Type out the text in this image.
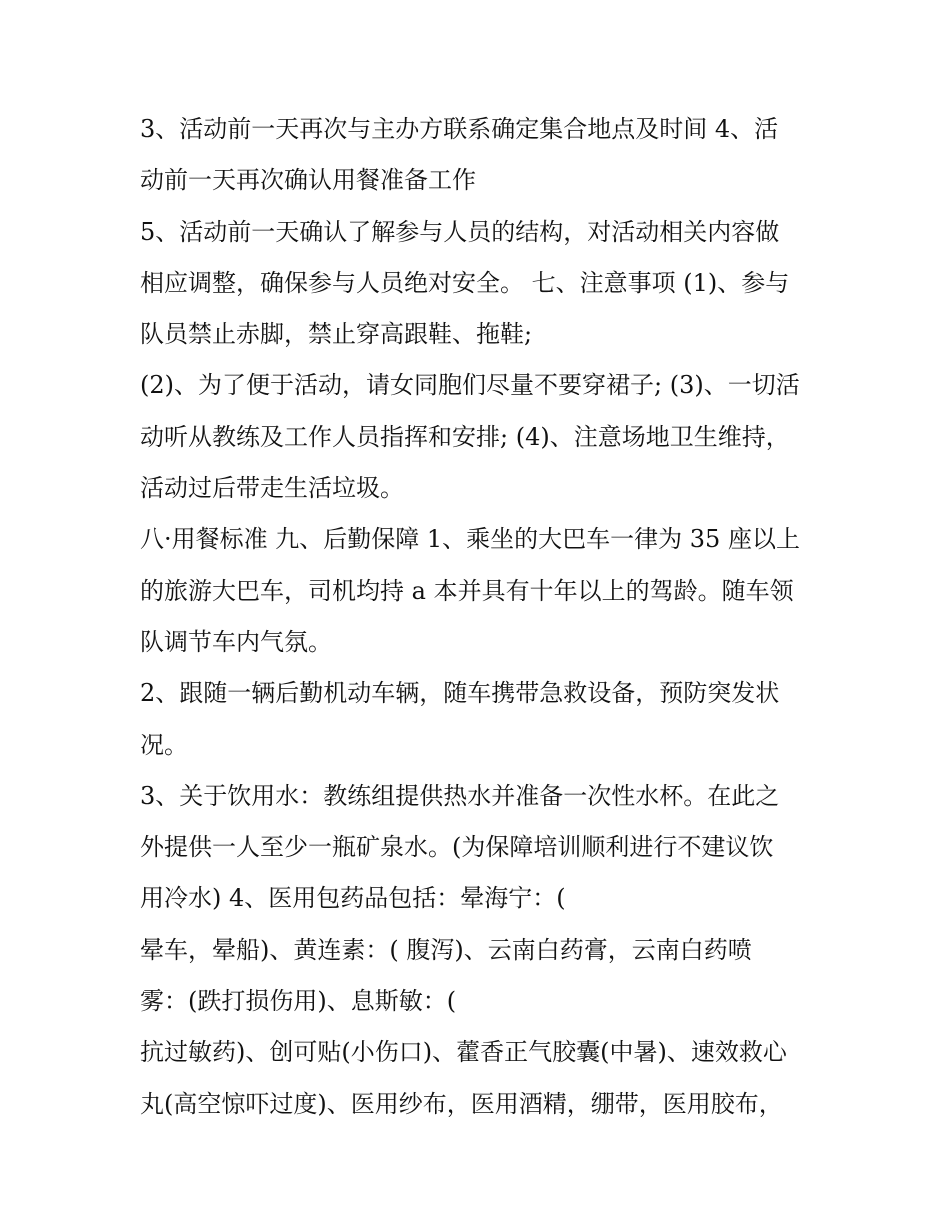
3、活动前一天再次与主办方联系确定集合地点及时间 4、活
动前一天再次确认用餐准备工作
5、活动前一天确认了解参与人员的结构，对活动相关内容做
相应调整，确保参与人员绝对安全。 七、注意事项 (1)、参与
队员禁止赤脚，禁止穿高跟鞋、拖鞋;
(2)、为了便于活动，请女同胞们尽量不要穿裙子; (3)、一切活
动听从教练及工作人员指挥和安排; (4)、注意场地卫生维持，
活动过后带走生活垃圾。
八·用餐标准 九、后勤保障 1、乘坐的大巴车一律为 35 座以上
的旅游大巴车，司机均持 a 本并具有十年以上的驾龄。随车领
队调节车内气氛。
2、跟随一辆后勤机动车辆，随车携带急救设备，预防突发状
况。
3、关于饮用水：教练组提供热水并准备一次性水杯。在此之
外提供一人至少一瓶矿泉水。(为保障培训顺利进行不建议饮
用冷水) 4、医用包药品包括：晕海宁：(
晕车，晕船)、黄连素：( 腹泻)、云南白药膏，云南白药喷
雾：(跌打损伤用)、息斯敏：(
抗过敏药)、创可贴(小伤口)、藿香正气胶囊(中暑)、速效救心
丸(高空惊吓过度)、医用纱布，医用酒精，绷带，医用胶布，
